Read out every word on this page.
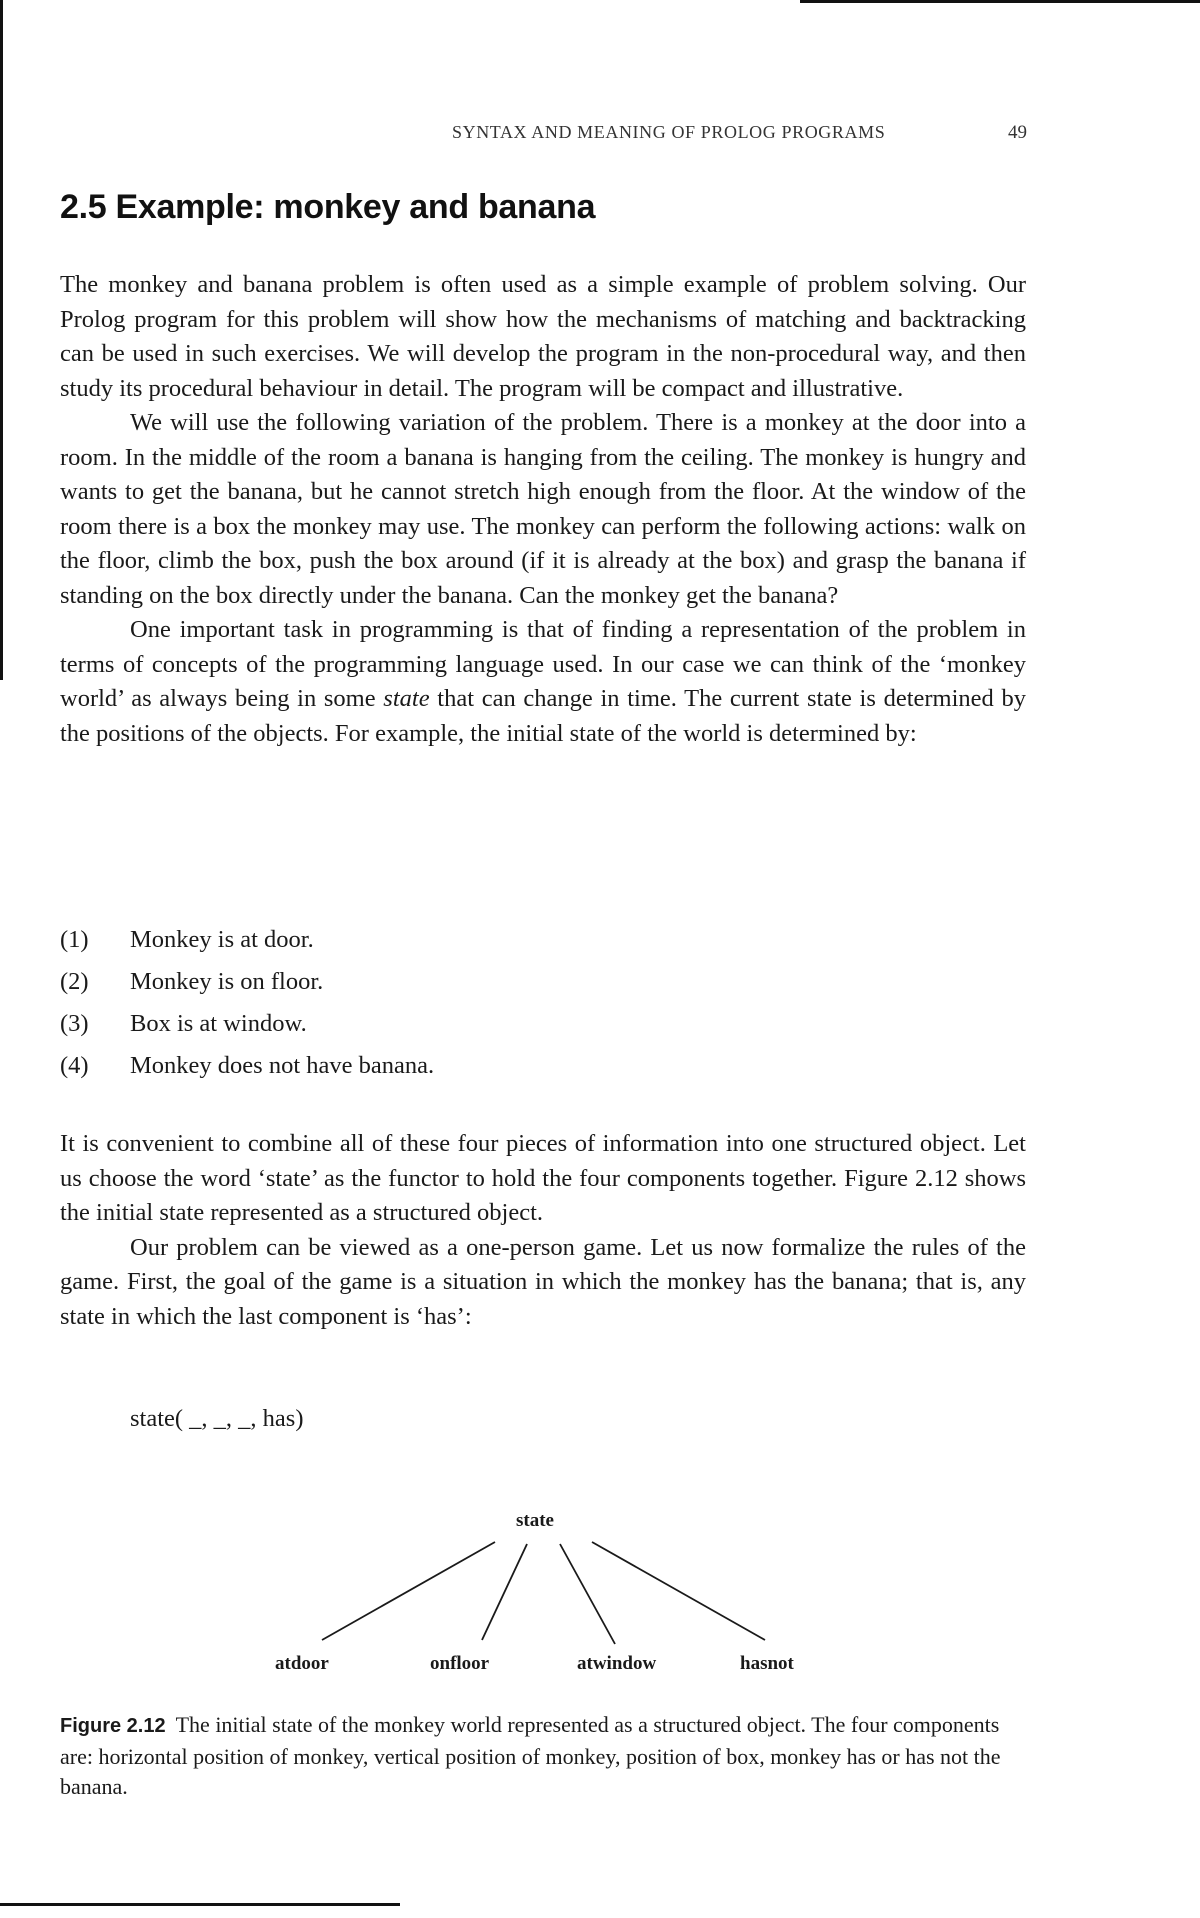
SYNTAX AND MEANING OF PROLOG PROGRAMS	49
2.5 Example: monkey and banana

The monkey and banana problem is often used as a simple example of problem solving. Our Prolog program for this problem will show how the mechanisms of matching and backtracking can be used in such exercises. We will develop the program in the non-procedural way, and then study its procedural behaviour in detail. The program will be compact and illustrative.

We will use the following variation of the problem. There is a monkey at the door into a room. In the middle of the room a banana is hanging from the ceiling. The monkey is hungry and wants to get the banana, but he cannot stretch high enough from the floor. At the window of the room there is a box the monkey may use. The monkey can perform the following actions: walk on the floor, climb the box, push the box around (if it is already at the box) and grasp the banana if standing on the box directly under the banana. Can the monkey get the banana?

One important task in programming is that of finding a representation of the problem in terms of concepts of the programming language used. In our case we can think of the ‘monkey world’ as always being in some state that can change in time. The current state is determined by the positions of the objects. For example, the initial state of the world is determined by:

(1)	Monkey is at door.
(2)	Monkey is on floor.
(3)	Box is at window.
(4)	Monkey does not have banana.

It is convenient to combine all of these four pieces of information into one structured object. Let us choose the word ‘state’ as the functor to hold the four components together. Figure 2.12 shows the initial state represented as a structured object.

Our problem can be viewed as a one-person game. Let us now formalize the rules of the game. First, the goal of the game is a situation in which the monkey has the banana; that is, any state in which the last component is ‘has’:

state( _, _, _, has)
state
atdoor	onfloor	atwindow	hasnot

Figure 2.12 The initial state of the monkey world represented as a structured object. The four components are: horizontal position of monkey, vertical position of monkey, position of box, monkey has or has not the banana.
